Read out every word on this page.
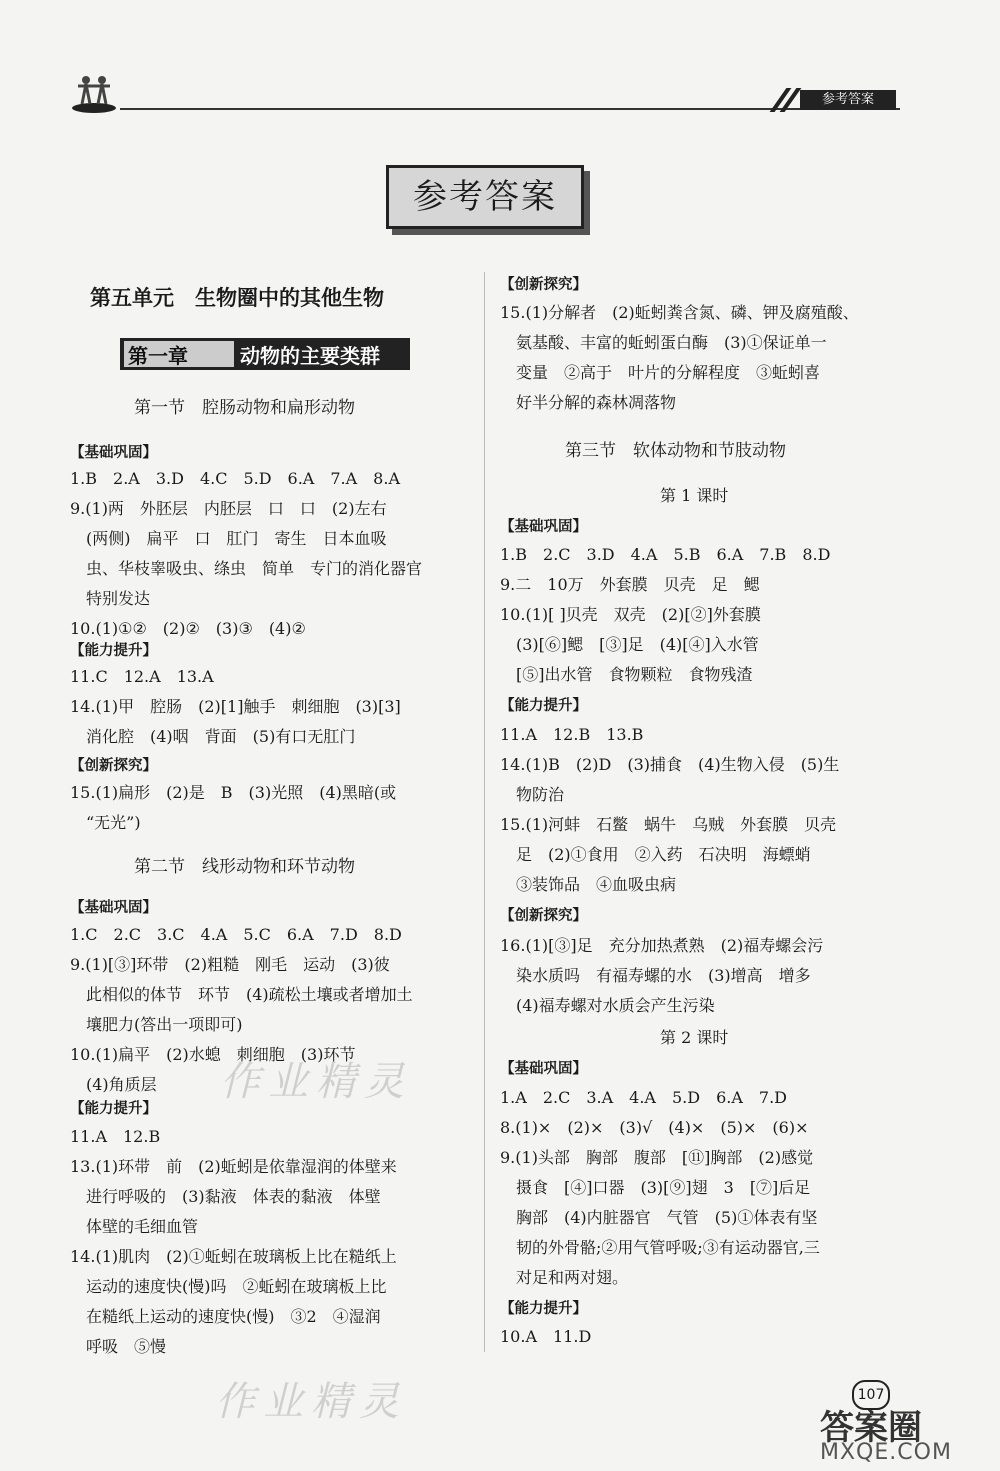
参考答案
参考答案
第五单元　生物圈中的其他生物
第一章	动物的主要类群
第一节　腔肠动物和扁形动物
【基础巩固】
1.B　2.A　3.D　4.C　5.D　6.A　7.A　8.A
9.(1)两　外胚层　内胚层　口　口　(2)左右
　(两侧)　扁平　口　肛门　寄生　日本血吸
　虫、华枝睾吸虫、绦虫　简单　专门的消化器官
　特别发达
10.(1)①②　(2)②　(3)③　(4)②
【能力提升】
11.C　12.A　13.A
14.(1)甲　腔肠　(2)[1]触手　刺细胞　(3)[3]
　消化腔　(4)咽　背面　(5)有口无肛门
【创新探究】
15.(1)扁形　(2)是　B　(3)光照　(4)黑暗(或
　“无光”)
第二节　线形动物和环节动物
【基础巩固】
1.C　2.C　3.C　4.A　5.C　6.A　7.D　8.D
9.(1)[③]环带　(2)粗糙　刚毛　运动　(3)彼
　此相似的体节　环节　(4)疏松土壤或者增加土
　壤肥力(答出一项即可)
10.(1)扁平　(2)水螅　刺细胞　(3)环节
　(4)角质层
【能力提升】
11.A　12.B
13.(1)环带　前　(2)蚯蚓是依靠湿润的体壁来
　进行呼吸的　(3)黏液　体表的黏液　体壁
　体壁的毛细血管
14.(1)肌肉　(2)①蚯蚓在玻璃板上比在糙纸上
　运动的速度快(慢)吗　②蚯蚓在玻璃板上比
　在糙纸上运动的速度快(慢)　③2　④湿润
　呼吸　⑤慢
【创新探究】
15.(1)分解者　(2)蚯蚓粪含氮、磷、钾及腐殖酸、
　氨基酸、丰富的蚯蚓蛋白酶　(3)①保证单一
　变量　②高于　叶片的分解程度　③蚯蚓喜
　好半分解的森林凋落物
第三节　软体动物和节肢动物
第 1 课时
【基础巩固】
1.B　2.C　3.D　4.A　5.B　6.A　7.B　8.D
9.二　10万　外套膜　贝壳　足　鳃
10.(1)[ ]贝壳　双壳　(2)[②]外套膜
　(3)[⑥]鳃　[③]足　(4)[④]入水管
　[⑤]出水管　食物颗粒　食物残渣
【能力提升】
11.A　12.B　13.B
14.(1)B　(2)D　(3)捕食　(4)生物入侵　(5)生
　物防治
15.(1)河蚌　石鳖　蜗牛　乌贼　外套膜　贝壳
　足　(2)①食用　②入药　石决明　海螵蛸
　③装饰品　④血吸虫病
【创新探究】
16.(1)[③]足　充分加热煮熟　(2)福寿螺会污
　染水质吗　有福寿螺的水　(3)增高　增多
　(4)福寿螺对水质会产生污染
第 2 课时
【基础巩固】
1.A　2.C　3.A　4.A　5.D　6.A　7.D
8.(1)×　(2)×　(3)√　(4)×　(5)×　(6)×
9.(1)头部　胸部　腹部　[⑪]胸部　(2)感觉
　摄食　[④]口器　(3)[⑨]翅　3　[⑦]后足
　胸部　(4)内脏器官　气管　(5)①体表有坚
　韧的外骨骼;②用气管呼吸;③有运动器官,三
　对足和两对翅。
【能力提升】
10.A　11.D
作业精灵
作业精灵	107
答案圈
MXQE.COM
